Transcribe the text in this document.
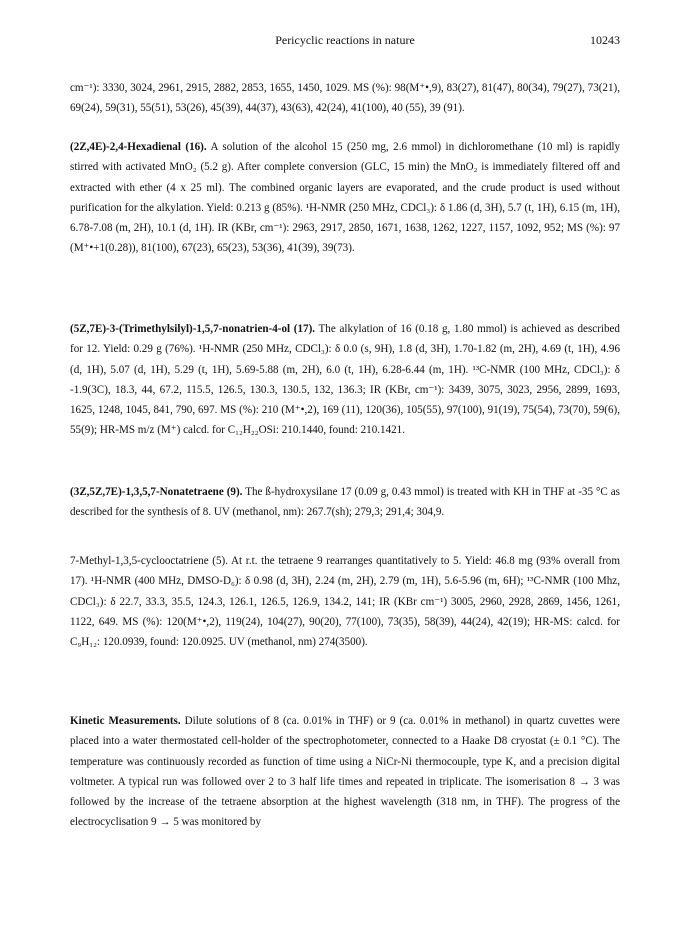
Pericyclic reactions in nature	10243

cm⁻¹): 3330, 3024, 2961, 2915, 2882, 2853, 1655, 1450, 1029. MS (%): 98(M⁺•,9), 83(27), 81(47), 80(34), 79(27), 73(21), 69(24), 59(31), 55(51), 53(26), 45(39), 44(37), 43(63), 42(24), 41(100), 40 (55), 39 (91).

(2Z,4E)-2,4-Hexadienal (16). A solution of the alcohol 15 (250 mg, 2.6 mmol) in dichloromethane (10 ml) is rapidly stirred with activated MnO₂ (5.2 g). After complete conversion (GLC, 15 min) the MnO₂ is immediately filtered off and extracted with ether (4 x 25 ml). The combined organic layers are evaporated, and the crude product is used without purification for the alkylation. Yield: 0.213 g (85%). ¹H-NMR (250 MHz, CDCl₃): δ 1.86 (d, 3H), 5.7 (t, 1H), 6.15 (m, 1H), 6.78-7.08 (m, 2H), 10.1 (d, 1H). IR (KBr, cm⁻¹): 2963, 2917, 2850, 1671, 1638, 1262, 1227, 1157, 1092, 952; MS (%): 97 (M⁺•+1(0.28)), 81(100), 67(23), 65(23), 53(36), 41(39), 39(73).

(5Z,7E)-3-(Trimethylsilyl)-1,5,7-nonatrien-4-ol (17). The alkylation of 16 (0.18 g, 1.80 mmol) is achieved as described for 12. Yield: 0.29 g (76%). ¹H-NMR (250 MHz, CDCl₃): δ 0.0 (s, 9H), 1.8 (d, 3H), 1.70-1.82 (m, 2H), 4.69 (t, 1H), 4.96 (d, 1H), 5.07 (d, 1H), 5.29 (t, 1H), 5.69-5.88 (m, 2H), 6.0 (t, 1H), 6.28-6.44 (m, 1H). ¹³C-NMR (100 MHz, CDCl₃): δ -1.9(3C), 18.3, 44, 67.2, 115.5, 126.5, 130.3, 130.5, 132, 136.3; IR (KBr, cm⁻¹): 3439, 3075, 3023, 2956, 2899, 1693, 1625, 1248, 1045, 841, 790, 697. MS (%): 210 (M⁺•,2), 169 (11), 120(36), 105(55), 97(100), 91(19), 75(54), 73(70), 59(6), 55(9); HR-MS m/z (M⁺) calcd. for C₁₂H₂₂OSi: 210.1440, found: 210.1421.

(3Z,5Z,7E)-1,3,5,7-Nonatetraene (9). The ß-hydroxysilane 17 (0.09 g, 0.43 mmol) is treated with KH in THF at -35 °C as described for the synthesis of 8. UV (methanol, nm): 267.7(sh); 279,3; 291,4; 304,9.

7-Methyl-1,3,5-cyclooctatriene (5). At r.t. the tetraene 9 rearranges quantitatively to 5. Yield: 46.8 mg (93% overall from 17). ¹H-NMR (400 MHz, DMSO-D₆): δ 0.98 (d, 3H), 2.24 (m, 2H), 2.79 (m, 1H), 5.6-5.96 (m, 6H); ¹³C-NMR (100 Mhz, CDCl₃): δ 22.7, 33.3, 35.5, 124.3, 126.1, 126.5, 126.9, 134.2, 141; IR (KBr cm⁻¹) 3005, 2960, 2928, 2869, 1456, 1261, 1122, 649. MS (%): 120(M⁺•,2), 119(24), 104(27), 90(20), 77(100), 73(35), 58(39), 44(24), 42(19); HR-MS: calcd. for C₉H₁₂: 120.0939, found: 120.0925. UV (methanol, nm) 274(3500).

Kinetic Measurements. Dilute solutions of 8 (ca. 0.01% in THF) or 9 (ca. 0.01% in methanol) in quartz cuvettes were placed into a water thermostated cell-holder of the spectrophotometer, connected to a Haake D8 cryostat (± 0.1 °C). The temperature was continuously recorded as function of time using a NiCr-Ni thermocouple, type K, and a precision digital voltmeter. A typical run was followed over 2 to 3 half life times and repeated in triplicate. The isomerisation 8 → 3 was followed by the increase of the tetraene absorption at the highest wavelength (318 nm, in THF). The progress of the electrocyclisation 9 → 5 was monitored by
